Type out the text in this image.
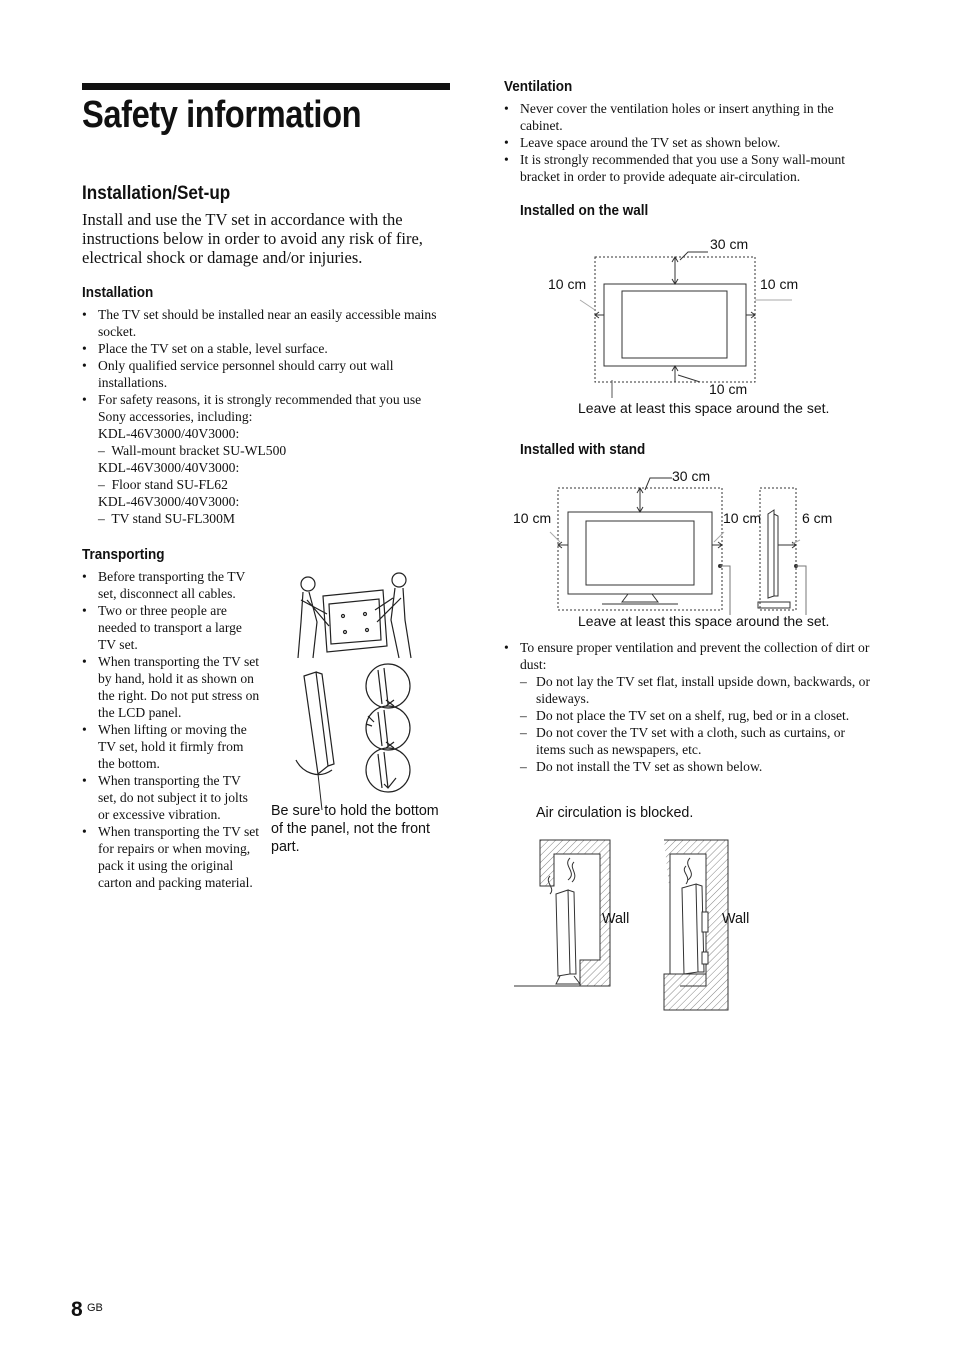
Safety information
Installation/Set-up
Install and use the TV set in accordance with the instructions below in order to avoid any risk of fire, electrical shock or damage and/or injuries.
Installation
• The TV set should be installed near an easily accessible mains socket.
• Place the TV set on a stable, level surface.
• Only qualified service personnel should carry out wall installations.
• For safety reasons, it is strongly recommended that you use Sony accessories, including:
KDL-46V3000/40V3000:
–  Wall-mount bracket SU-WL500
KDL-46V3000/40V3000:
–  Floor stand SU-FL62
KDL-46V3000/40V3000:
–  TV stand SU-FL300M
Transporting
• Before transporting the TV set, disconnect all cables.
• Two or three people are needed to transport a large TV set.
• When transporting the TV set by hand, hold it as shown on the right. Do not put stress on the LCD panel.
• When lifting or moving the TV set, hold it firmly from the bottom.
• When transporting the TV set, do not subject it to jolts or excessive vibration.
• When transporting the TV set for repairs or when moving, pack it using the original carton and packing material.
Be sure to hold the bottom of the panel, not the front part.
Ventilation
• Never cover the ventilation holes or insert anything in the cabinet.
• Leave space around the TV set as shown below.
• It is strongly recommended that you use a Sony wall-mount bracket in order to provide adequate air-circulation.
Installed on the wall
30 cm
10 cm	10 cm
10 cm
Leave at least this space around the set.
Installed with stand
30 cm
10 cm	10 cm	6 cm
Leave at least this space around the set.
• To ensure proper ventilation and prevent the collection of dirt or dust:
– Do not lay the TV set flat, install upside down, backwards, or sideways.
– Do not place the TV set on a shelf, rug, bed or in a closet.
– Do not cover the TV set with a cloth, such as curtains, or items such as newspapers, etc.
– Do not install the TV set as shown below.
Air circulation is blocked.
Wall	Wall
8 GB
